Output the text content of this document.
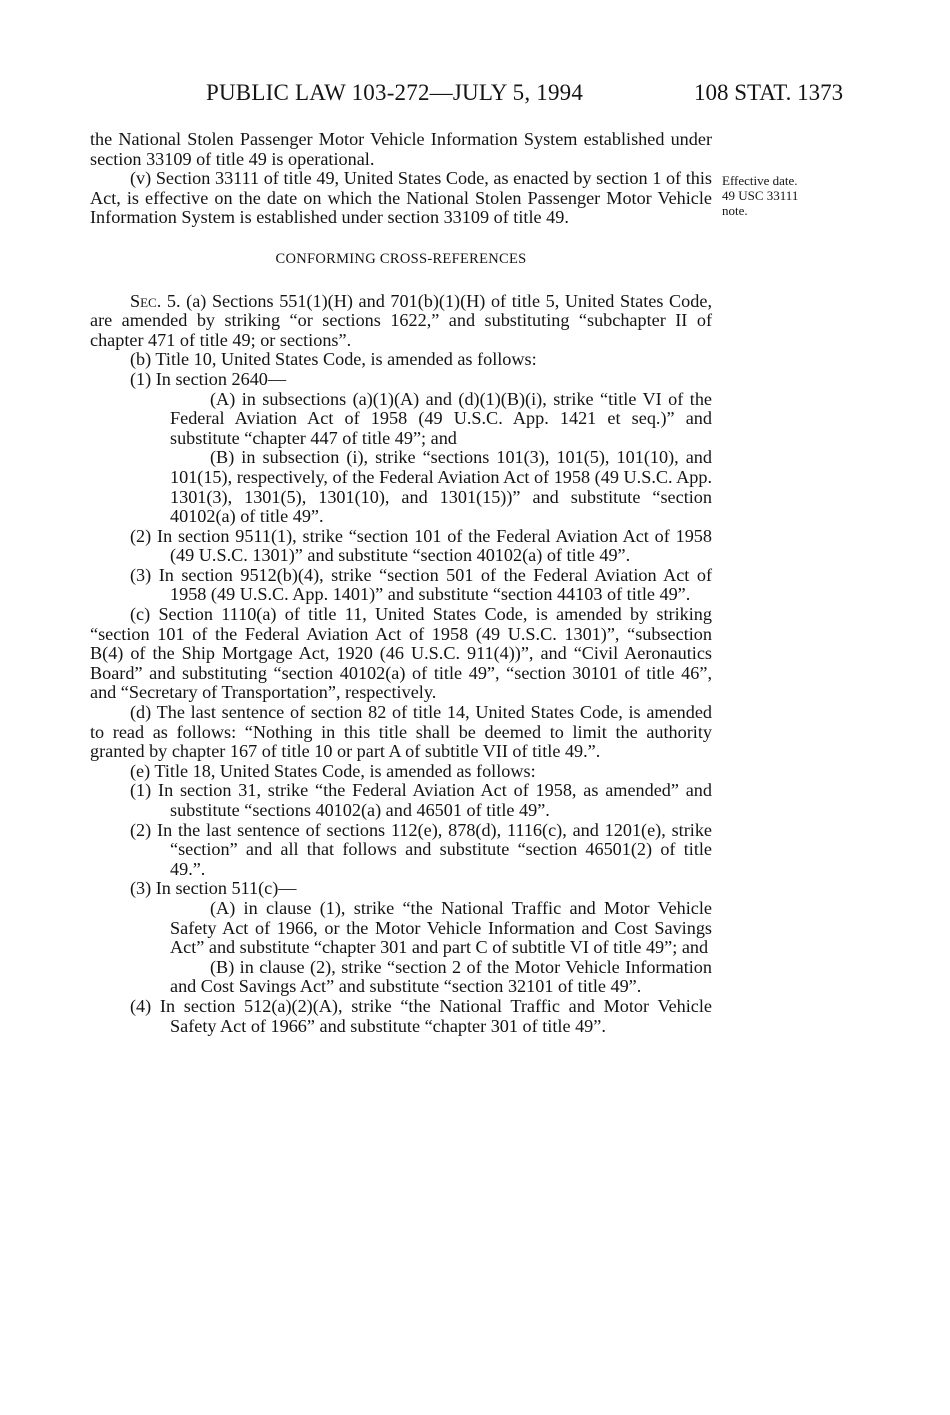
PUBLIC LAW 103-272—JULY 5, 1994	108 STAT. 1373
Effective date.
49 USC 33111
note.

the National Stolen Passenger Motor Vehicle Information System established under section 33109 of title 49 is operational.

(v) Section 33111 of title 49, United States Code, as enacted by section 1 of this Act, is effective on the date on which the National Stolen Passenger Motor Vehicle Information System is established under section 33109 of title 49.

CONFORMING CROSS-REFERENCES

Sec. 5. (a) Sections 551(1)(H) and 701(b)(1)(H) of title 5, United States Code, are amended by striking “or sections 1622,” and substituting “subchapter II of chapter 471 of title 49; or sections”.

(b) Title 10, United States Code, is amended as follows:

(1) In section 2640—

(A) in subsections (a)(1)(A) and (d)(1)(B)(i), strike “title VI of the Federal Aviation Act of 1958 (49 U.S.C. App. 1421 et seq.)” and substitute “chapter 447 of title 49”; and

(B) in subsection (i), strike “sections 101(3), 101(5), 101(10), and 101(15), respectively, of the Federal Aviation Act of 1958 (49 U.S.C. App. 1301(3), 1301(5), 1301(10), and 1301(15))” and substitute “section 40102(a) of title 49”.

(2) In section 9511(1), strike “section 101 of the Federal Aviation Act of 1958 (49 U.S.C. 1301)” and substitute “section 40102(a) of title 49”.

(3) In section 9512(b)(4), strike “section 501 of the Federal Aviation Act of 1958 (49 U.S.C. App. 1401)” and substitute “section 44103 of title 49”.

(c) Section 1110(a) of title 11, United States Code, is amended by striking “section 101 of the Federal Aviation Act of 1958 (49 U.S.C. 1301)”, “subsection B(4) of the Ship Mortgage Act, 1920 (46 U.S.C. 911(4))”, and “Civil Aeronautics Board” and substituting “section 40102(a) of title 49”, “section 30101 of title 46”, and “Secretary of Transportation”, respectively.

(d) The last sentence of section 82 of title 14, United States Code, is amended to read as follows: “Nothing in this title shall be deemed to limit the authority granted by chapter 167 of title 10 or part A of subtitle VII of title 49.”.

(e) Title 18, United States Code, is amended as follows:

(1) In section 31, strike “the Federal Aviation Act of 1958, as amended” and substitute “sections 40102(a) and 46501 of title 49”.

(2) In the last sentence of sections 112(e), 878(d), 1116(c), and 1201(e), strike “section” and all that follows and substitute “section 46501(2) of title 49.”.

(3) In section 511(c)—

(A) in clause (1), strike “the National Traffic and Motor Vehicle Safety Act of 1966, or the Motor Vehicle Information and Cost Savings Act” and substitute “chapter 301 and part C of subtitle VI of title 49”; and

(B) in clause (2), strike “section 2 of the Motor Vehicle Information and Cost Savings Act” and substitute “section 32101 of title 49”.

(4) In section 512(a)(2)(A), strike “the National Traffic and Motor Vehicle Safety Act of 1966” and substitute “chapter 301 of title 49”.
